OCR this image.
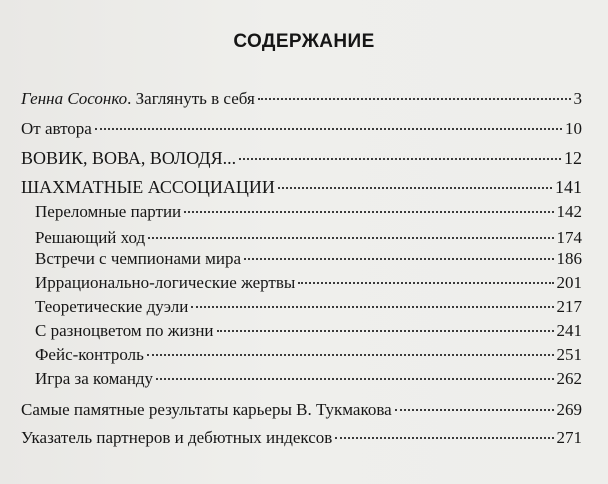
СОДЕРЖАНИЕ
Генна Сосонко. Заглянуть в себя	3
От автора	10
ВОВИК, ВОВА, ВОЛОДЯ...	12
ШАХМАТНЫЕ АССОЦИАЦИИ	141
Переломные партии	142
Решающий ход	174
Встречи с чемпионами мира	186
Иррационально-логические жертвы	201
Теоретические дуэли	217
С разноцветом по жизни	241
Фейс-контроль	251
Игра за команду	262
Самые памятные результаты карьеры В. Тукмакова	269
Указатель партнеров и дебютных индексов	271
